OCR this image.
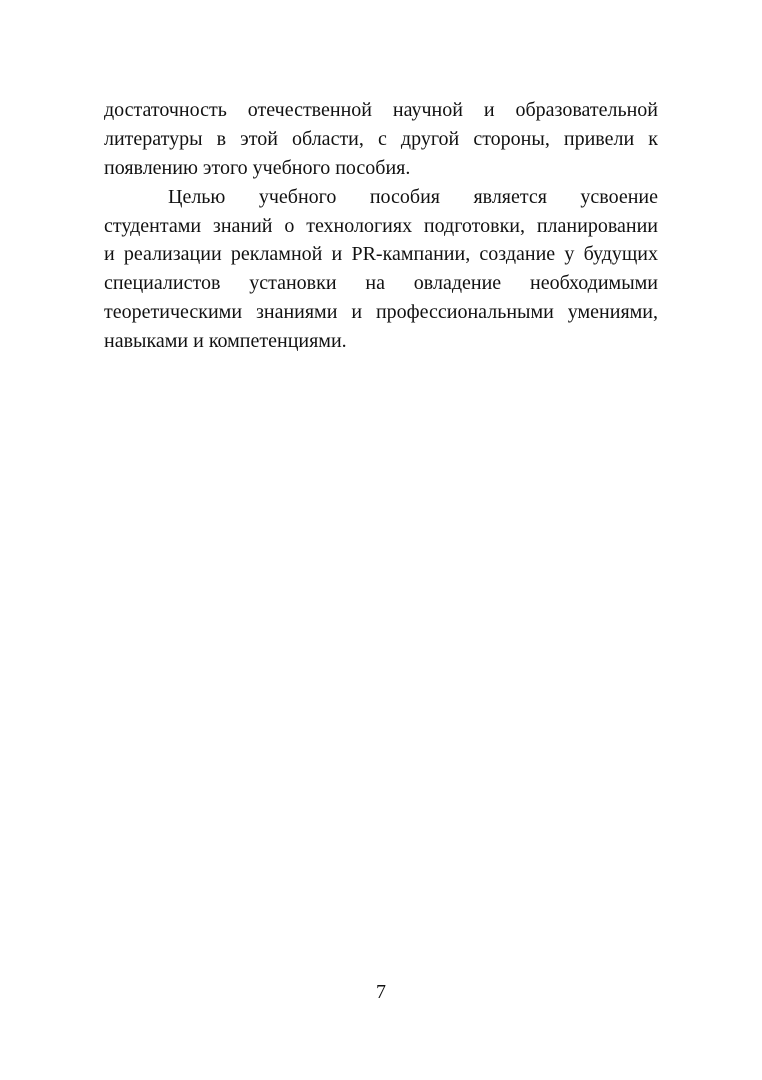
достаточность отечественной научной и образовательной
литературы в этой области, с другой стороны, привели к
появлению этого учебного пособия.
Целью учебного пособия является усвоение
студентами знаний о технологиях подготовки, планировании
и реализации рекламной и PR-кампании, создание у будущих
специалистов установки на овладение необходимыми
теоретическими знаниями и профессиональными умениями,
навыками и компетенциями.
7
